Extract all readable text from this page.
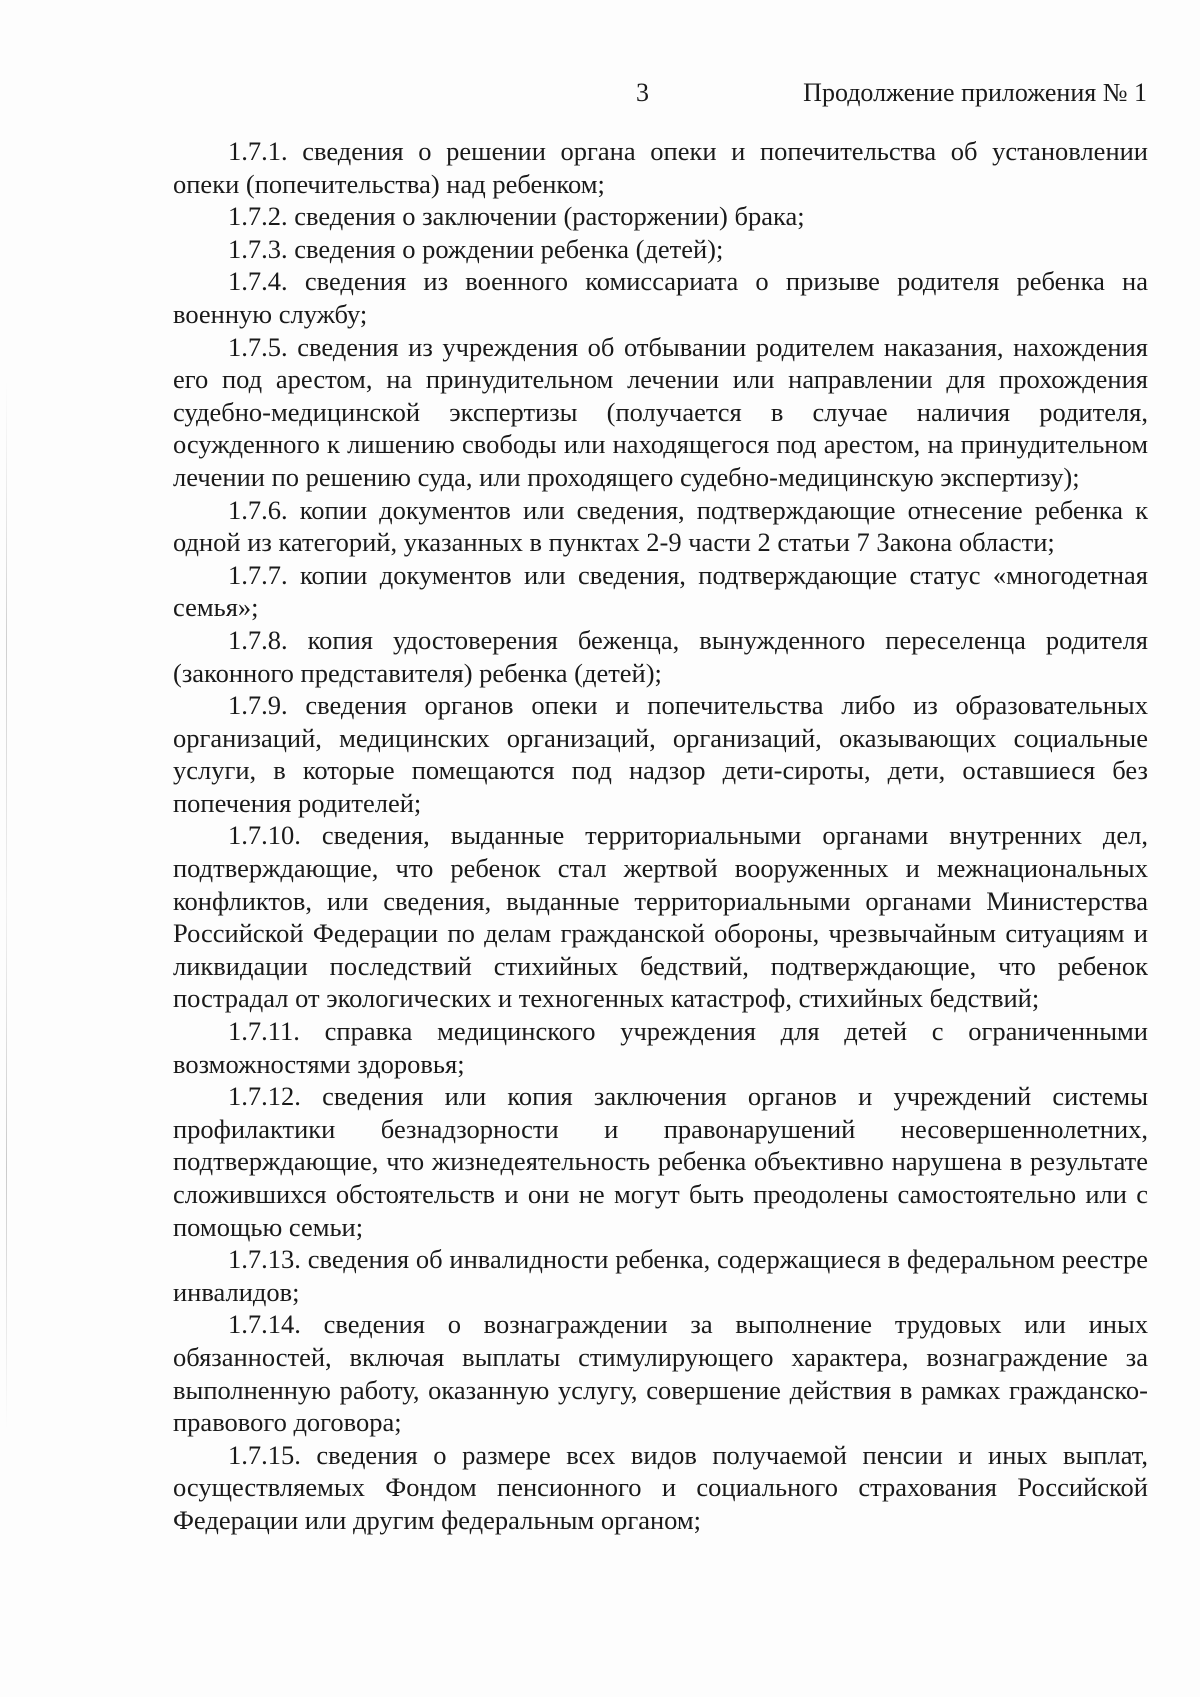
3	Продолжение приложения № 1

1.7.1. сведения о решении органа опеки и попечительства об установлении опеки (попечительства) над ребенком;

1.7.2. сведения о заключении (расторжении) брака;

1.7.3. сведения о рождении ребенка (детей);

1.7.4. сведения из военного комиссариата о призыве родителя ребенка на военную службу;

1.7.5. сведения из учреждения об отбывании родителем наказания, нахождения его под арестом, на принудительном лечении или направлении для прохождения судебно-медицинской экспертизы (получается в случае наличия родителя, осужденного к лишению свободы или находящегося под арестом, на принудительном лечении по решению суда, или проходящего судебно-медицинскую экспертизу);

1.7.6. копии документов или сведения, подтверждающие отнесение ребенка к одной из категорий, указанных в пунктах 2-9 части 2 статьи 7 Закона области;

1.7.7. копии документов или сведения, подтверждающие статус «многодетная семья»;

1.7.8. копия удостоверения беженца, вынужденного переселенца родителя (законного представителя) ребенка (детей);

1.7.9. сведения органов опеки и попечительства либо из образовательных организаций, медицинских организаций, организаций, оказывающих социальные услуги, в которые помещаются под надзор дети-сироты, дети, оставшиеся без попечения родителей;

1.7.10. сведения, выданные территориальными органами внутренних дел, подтверждающие, что ребенок стал жертвой вооруженных и межнациональных конфликтов, или сведения, выданные территориальными органами Министерства Российской Федерации по делам гражданской обороны, чрезвычайным ситуациям и ликвидации последствий стихийных бедствий, подтверждающие, что ребенок пострадал от экологических и техногенных катастроф, стихийных бедствий;

1.7.11. справка медицинского учреждения для детей с ограниченными возможностями здоровья;

1.7.12. сведения или копия заключения органов и учреждений системы профилактики безнадзорности и правонарушений несовершеннолетних, подтверждающие, что жизнедеятельность ребенка объективно нарушена в результате сложившихся обстоятельств и они не могут быть преодолены самостоятельно или с помощью семьи;

1.7.13. сведения об инвалидности ребенка, содержащиеся в федеральном реестре инвалидов;

1.7.14. сведения о вознаграждении за выполнение трудовых или иных обязанностей, включая выплаты стимулирующего характера, вознаграждение за выполненную работу, оказанную услугу, совершение действия в рамках гражданско-правового договора;

1.7.15. сведения о размере всех видов получаемой пенсии и иных выплат, осуществляемых Фондом пенсионного и социального страхования Российской Федерации или другим федеральным органом;
